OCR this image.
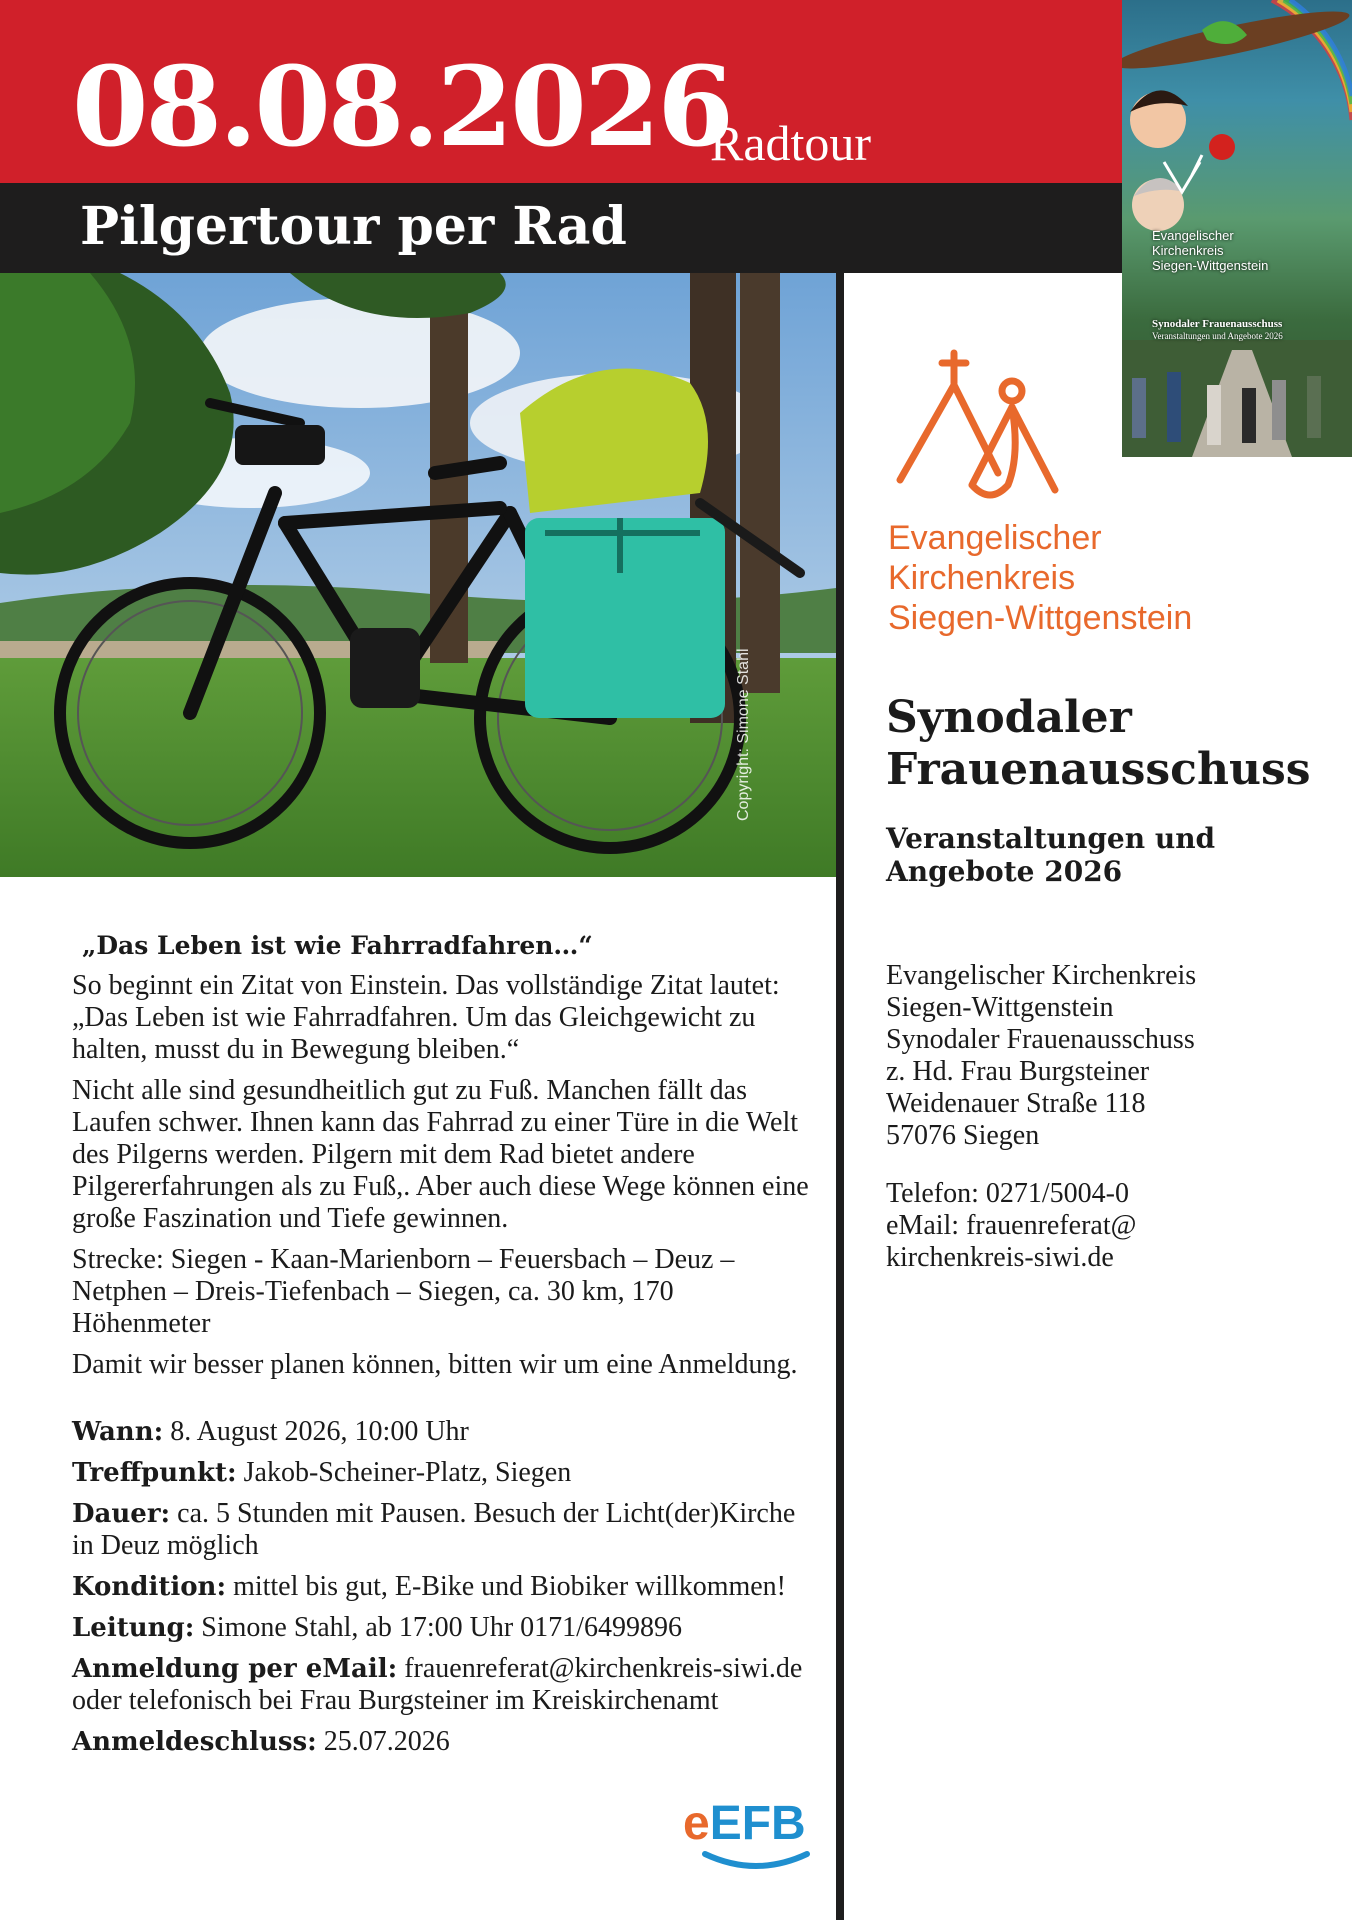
08.08.2026
Radtour
Pilgertour per Rad	Evangelischer
Kirchenkreis
Siegen-Wittgenstein
Synodaler Frauenausschuss
Veranstaltungen und Angebote 2026
Copyright: Simone Stahl
Evangelischer
Kirchenkreis
Siegen-Wittgenstein
Synodaler
Frauenausschuss
Veranstaltungen und
Angebote 2026
Evangelischer Kirchenkreis
Siegen-Wittgenstein
Synodaler Frauenausschuss
z. Hd. Frau Burgsteiner
Weidenauer Straße 118
57076 Siegen
Telefon: 0271/5004-0
eMail: frauenreferat@
kirchenkreis-siwi.de
„Das Leben ist wie Fahrradfahren…“

So beginnt ein Zitat von Einstein. Das vollständige Zitat lautet: „Das Leben ist wie Fahrradfahren. Um das Gleichgewicht zu halten, musst du in Bewegung bleiben.“

Nicht alle sind gesundheitlich gut zu Fuß. Manchen fällt das Laufen schwer. Ihnen kann das Fahrrad zu einer Türe in die Welt des Pilgerns werden. Pilgern mit dem Rad bietet andere Pilgererfahrungen als zu Fuß,. Aber auch diese Wege können eine große Faszination und Tiefe gewinnen.

Strecke: Siegen - Kaan-Marienborn – Feuersbach – Deuz – Netphen – Dreis-Tiefenbach – Siegen, ca. 30 km, 170 Höhenmeter

Damit wir besser planen können, bitten wir um eine Anmeldung.

Wann: 8. August 2026, 10:00 Uhr

Treffpunkt: Jakob-Scheiner-Platz, Siegen

Dauer: ca. 5 Stunden mit Pausen. Besuch der Licht(der)Kirche in Deuz möglich

Kondition: mittel bis gut, E-Bike und Biobiker willkommen!

Leitung: Simone Stahl, ab 17:00 Uhr 0171/6499896

Anmeldung per eMail: frauenreferat@kirchenkreis-siwi.de oder telefonisch bei Frau Burgsteiner im Kreiskirchenamt

Anmeldeschluss: 25.07.2026

eEFB
